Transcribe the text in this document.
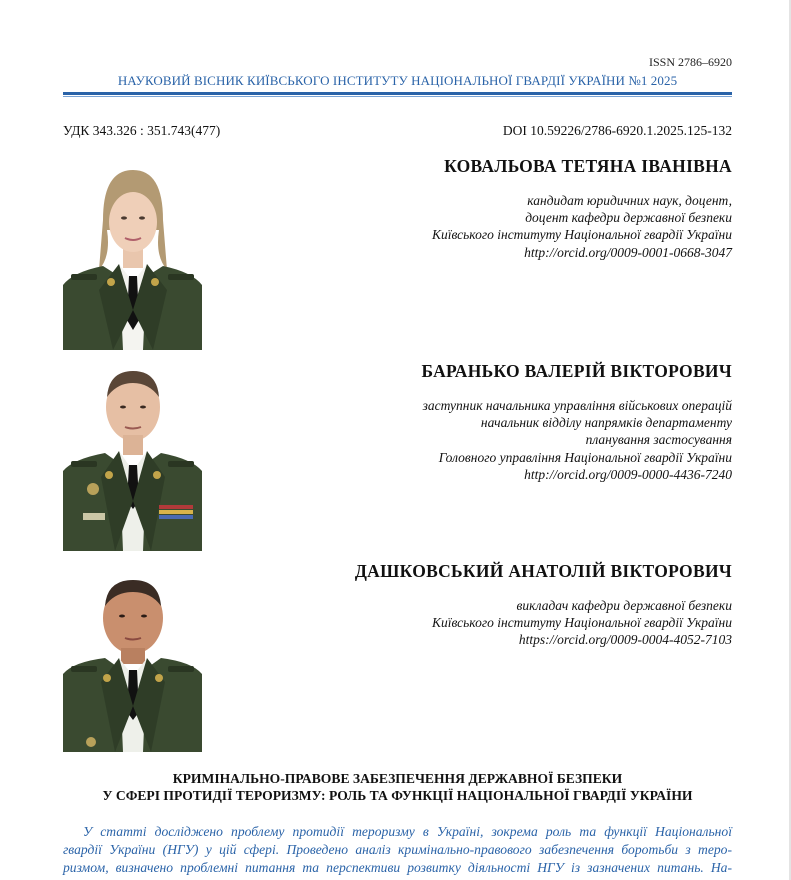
ISSN 2786–6920
НАУКОВИЙ ВІСНИК КИЇВСЬКОГО ІНСТИТУТУ НАЦІОНАЛЬНОЇ ГВАРДІЇ УКРАЇНИ №1 2025
УДК 343.326 : 351.743(477)	DOI 10.59226/2786-6920.1.2025.125-132
КОВАЛЬОВА ТЕТЯНА ІВАНІВНА
кандидат юридичних наук, доцент,
доцент кафедри державної безпеки
Київського інституту Національної гвардії України
http://orcid.org/0009-0001-0668-3047
БАРАНЬКО ВАЛЕРІЙ ВІКТОРОВИЧ
заступник начальника управління військових операцій
начальник відділу напрямків департаменту
планування застосування
Головного управління Національної гвардії України
http://orcid.org/0009-0000-4436-7240
ДАШКОВСЬКИЙ АНАТОЛІЙ ВІКТОРОВИЧ
викладач кафедри державної безпеки
Київського інституту Національної гвардії України
https://orcid.org/0009-0004-4052-7103
КРИМІНАЛЬНО-ПРАВОВЕ ЗАБЕЗПЕЧЕННЯ ДЕРЖАВНОЇ БЕЗПЕКИ
У СФЕРІ ПРОТИДІЇ ТЕРОРИЗМУ: РОЛЬ ТА ФУНКЦІЇ НАЦІОНАЛЬНОЇ ГВАРДІЇ УКРАЇНИ
У статті досліджено проблему протидії тероризму в Україні, зокрема роль та функції Національної
гвардії України (НГУ) у цій сфері. Проведено аналіз кримінально-правового забезпечення боротьби з теро-
ризмом, визначено проблемні питання та перспективи розвитку діяльності НГУ із зазначених питань. На-
